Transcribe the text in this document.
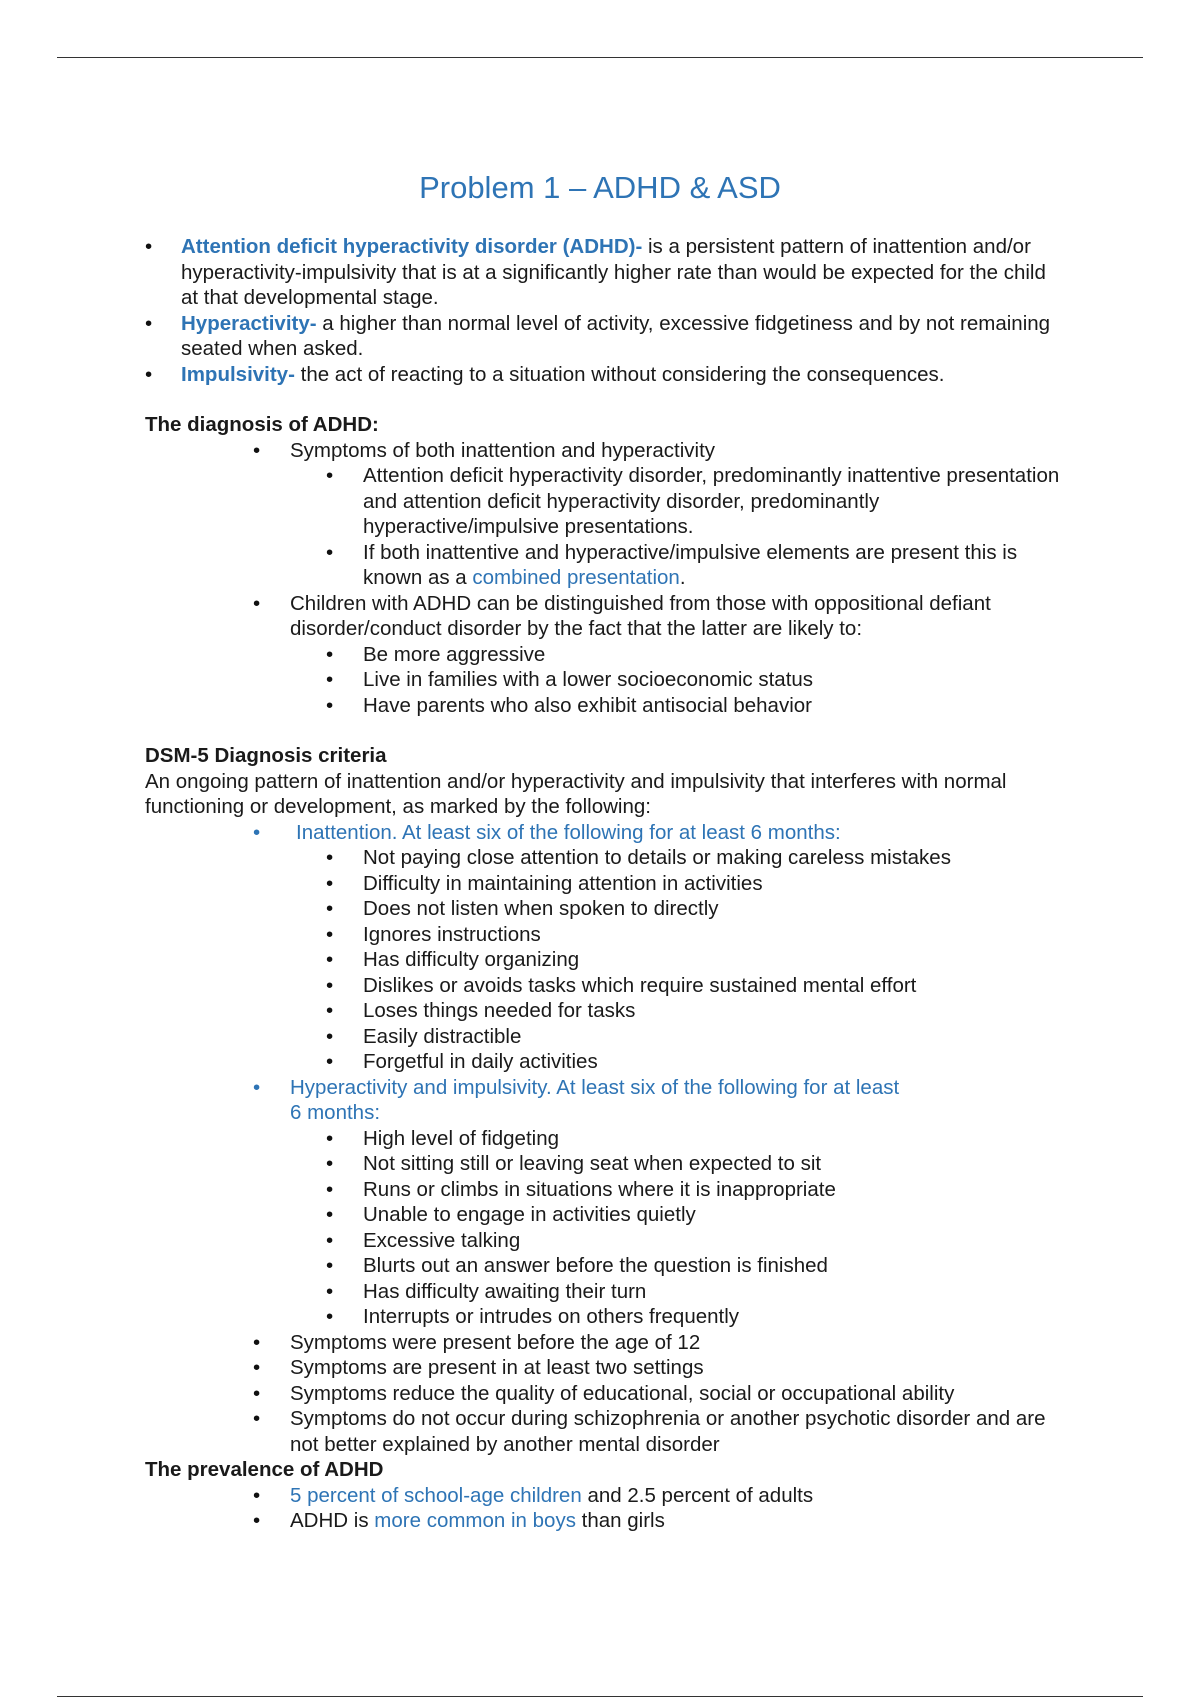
Problem 1 – ADHD & ASD
• Attention deficit hyperactivity disorder (ADHD)- is a persistent pattern of inattention and/or hyperactivity-impulsivity that is at a significantly higher rate than would be expected for the child at that developmental stage.
• Hyperactivity- a higher than normal level of activity, excessive fidgetiness and by not remaining seated when asked.
• Impulsivity- the act of reacting to a situation without considering the consequences.

The diagnosis of ADHD:

• Symptoms of both inattention and hyperactivity
• Attention deficit hyperactivity disorder, predominantly inattentive presentation and attention deficit hyperactivity disorder, predominantly hyperactive/impulsive presentations.
• If both inattentive and hyperactive/impulsive elements are present this is known as a combined presentation.
• Children with ADHD can be distinguished from those with oppositional defiant disorder/conduct disorder by the fact that the latter are likely to:
• Be more aggressive
• Live in families with a lower socioeconomic status
• Have parents who also exhibit antisocial behavior

DSM-5 Diagnosis criteria

An ongoing pattern of inattention and/or hyperactivity and impulsivity that interferes with normal functioning or development, as marked by the following:

• Inattention. At least six of the following for at least 6 months:
• Not paying close attention to details or making careless mistakes
• Difficulty in maintaining attention in activities
• Does not listen when spoken to directly
• Ignores instructions
• Has difficulty organizing
• Dislikes or avoids tasks which require sustained mental effort
• Loses things needed for tasks
• Easily distractible
• Forgetful in daily activities
• Hyperactivity and impulsivity. At least six of the following for at least 6 months:
• High level of fidgeting
• Not sitting still or leaving seat when expected to sit
• Runs or climbs in situations where it is inappropriate
• Unable to engage in activities quietly
• Excessive talking
• Blurts out an answer before the question is finished
• Has difficulty awaiting their turn
• Interrupts or intrudes on others frequently
• Symptoms were present before the age of 12
• Symptoms are present in at least two settings
• Symptoms reduce the quality of educational, social or occupational ability
• Symptoms do not occur during schizophrenia or another psychotic disorder and are not better explained by another mental disorder

The prevalence of ADHD

• 5 percent of school-age children and 2.5 percent of adults
• ADHD is more common in boys than girls
